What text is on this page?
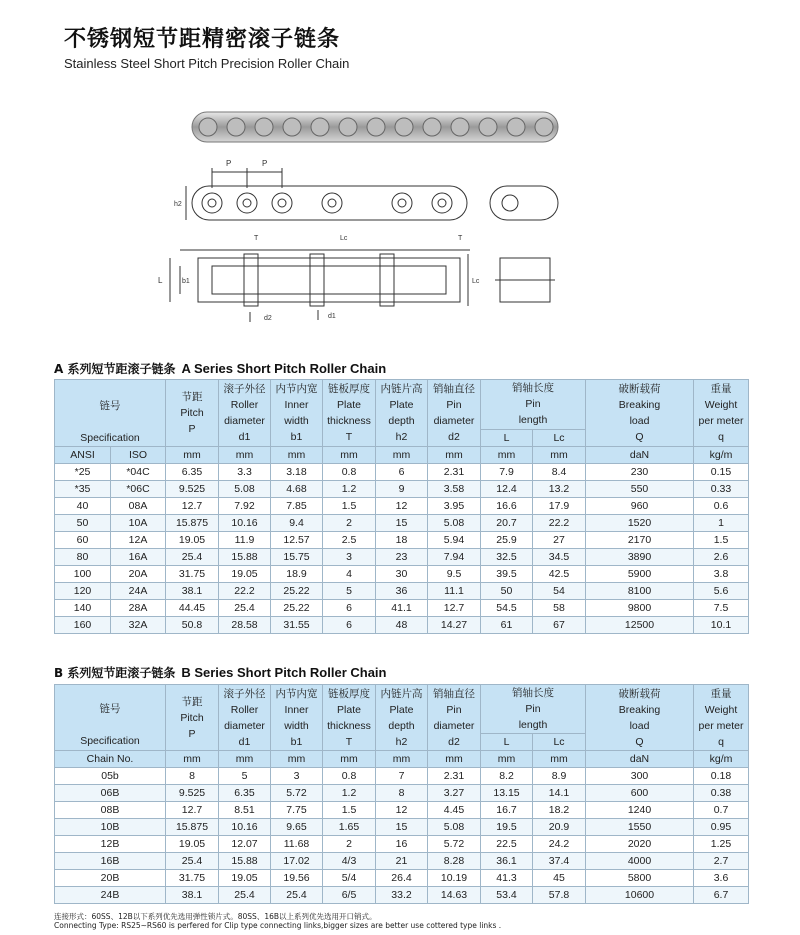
不锈钢短节距精密滚子链条
Stainless Steel Short Pitch Precision Roller Chain
P	P
h2
T	Lc	T
L	b1	Lc
d2	d1
A 系列短节距滚子链条 A Series Short Pitch Roller Chain
链号
Specification		节距
Pitch
P	滚子外径
Roller
diameter
d1	内节内宽
Inner
width
b1	链板厚度
Plate
thickness
T	内链片高
Plate
depth
h2	销轴直径
Pin
diameter
d2	销轴长度
Pin
length		破断载荷
Breaking
load
Q	重量
Weight
per meter
q

								L	Lc		

ANSI	ISO	mm	mm	mm	mm	mm	mm	mm	mm	daN	kg/m
*25	*04C	6.35	3.3	3.18	0.8	6	2.31	7.9	8.4	230	0.15
*35	*06C	9.525	5.08	4.68	1.2	9	3.58	12.4	13.2	550	0.33
40	08A	12.7	7.92	7.85	1.5	12	3.95	16.6	17.9	960	0.6
50	10A	15.875	10.16	9.4	2	15	5.08	20.7	22.2	1520	1
60	12A	19.05	11.9	12.57	2.5	18	5.94	25.9	27	2170	1.5
80	16A	25.4	15.88	15.75	3	23	7.94	32.5	34.5	3890	2.6
100	20A	31.75	19.05	18.9	4	30	9.5	39.5	42.5	5900	3.8
120	24A	38.1	22.2	25.22	5	36	11.1	50	54	8100	5.6
140	28A	44.45	25.4	25.22	6	41.1	12.7	54.5	58	9800	7.5
160	32A	50.8	28.58	31.55	6	48	14.27	61	67	12500	10.1
B 系列短节距滚子链条 B Series Short Pitch Roller Chain
链号
Specification	节距
Pitch
P	滚子外径
Roller
diameter
d1	内节内宽
Inner
width
b1	链板厚度
Plate
thickness
T	内链片高
Plate
depth
h2	销轴直径
Pin
diameter
d2	销轴长度
Pin
length		破断载荷
Breaking
load
Q	重量
Weight
per meter
q

							L	Lc		

Chain No.	mm	mm	mm	mm	mm	mm	mm	mm	daN	kg/m
05b	8	5	3	0.8	7	2.31	8.2	8.9	300	0.18
06B	9.525	6.35	5.72	1.2	8	3.27	13.15	14.1	600	0.38
08B	12.7	8.51	7.75	1.5	12	4.45	16.7	18.2	1240	0.7
10B	15.875	10.16	9.65	1.65	15	5.08	19.5	20.9	1550	0.95
12B	19.05	12.07	11.68	2	16	5.72	22.5	24.2	2020	1.25
16B	25.4	15.88	17.02	4/3	21	8.28	36.1	37.4	4000	2.7
20B	31.75	19.05	19.56	5/4	26.4	10.19	41.3	45	5800	3.6
24B	38.1	25.4	25.4	6/5	33.2	14.63	53.4	57.8	10600	6.7
连接形式：60SS、12B以下系列优先选用弹性锁片式。80SS、16B以上系列优先选用开口销式。
Connecting Type: RS25~RS60 is perfered for Clip type connecting links,bigger sizes are better use cottered type links .
